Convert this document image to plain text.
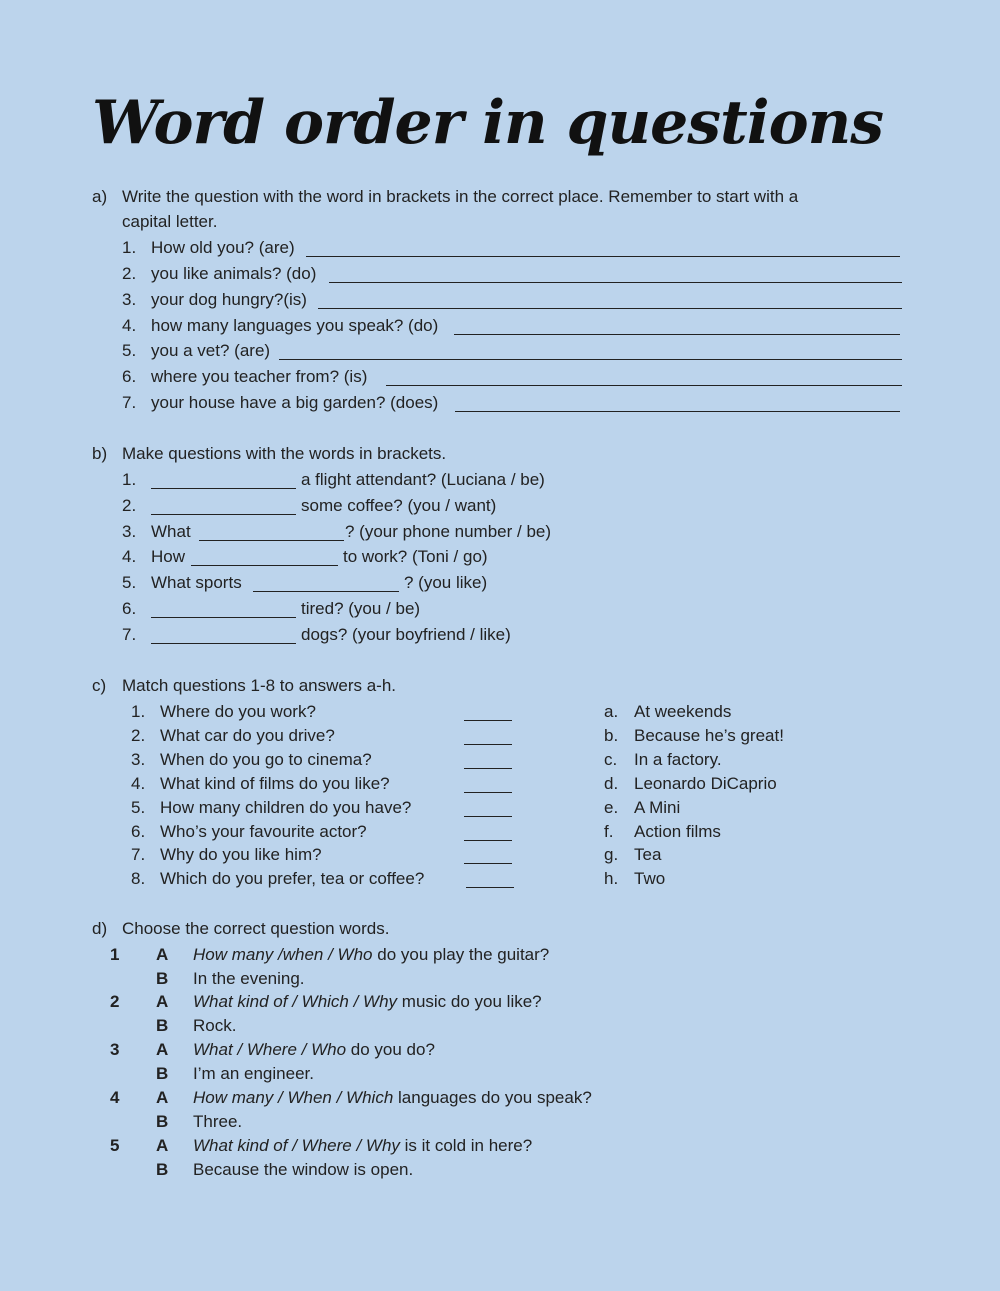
Word order in questions
a) Write the question with the word in brackets in the correct place. Remember to start with a
capital letter.
1. How old you? (are)
2. you like animals? (do)
3. your dog hungry?(is)
4. how many languages you speak? (do)
5. you a vet? (are)
6. where you teacher from? (is)
7. your house have a big garden? (does)
b) Make questions with the words in brackets.
1.	a flight attendant? (Luciana / be)
2.	some coffee? (you / want)
3. What	? (your phone number / be)
4. How	to work? (Toni / go)
5. What sports	? (you like)
6.	tired? (you / be)
7.	dogs? (your boyfriend / like)
c) Match questions 1-8 to answers a-h.
1. Where do you work?	a. At weekends
2. What car do you drive?	b. Because he’s great!
3. When do you go to cinema?	c. In a factory.
4. What kind of films do you like?	d. Leonardo DiCaprio
5. How many children do you have?	e. A Mini
6. Who’s your favourite actor?	f. Action films
7. Why do you like him?	g. Tea
8. Which do you prefer, tea or coffee?	h. Two
d) Choose the correct question words.
1 A How many /when / Who do you play the guitar?
B In the evening.
2 A What kind of / Which / Why music do you like?
B Rock.
3 A What / Where / Who do you do?
B I’m an engineer.
4 A How many / When / Which languages do you speak?
B Three.
5 A What kind of / Where / Why is it cold in here?
B Because the window is open.
